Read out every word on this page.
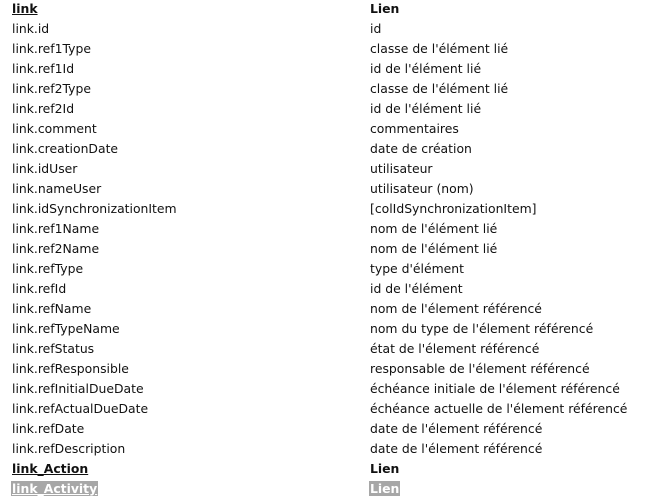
link	Lien
link.id	id
link.ref1Type	classe de l'élément lié
link.ref1Id	id de l'élément lié
link.ref2Type	classe de l'élément lié
link.ref2Id	id de l'élément lié
link.comment	commentaires
link.creationDate	date de création
link.idUser	utilisateur
link.nameUser	utilisateur (nom)
link.idSynchronizationItem	[colIdSynchronizationItem]
link.ref1Name	nom de l'élément lié
link.ref2Name	nom de l'élément lié
link.refType	type d'élément
link.refId	id de l'élément
link.refName	nom de l'élement référencé
link.refTypeName	nom du type de l'élement référencé
link.refStatus	état de l'élement référencé
link.refResponsible	responsable de l'élement référencé
link.refInitialDueDate	échéance initiale de l'élement référencé
link.refActualDueDate	échéance actuelle de l'élement référencé
link.refDate	date de l'élement référencé
link.refDescription	date de l'élement référencé
link_Action	Lien
link_Activity	Lien
